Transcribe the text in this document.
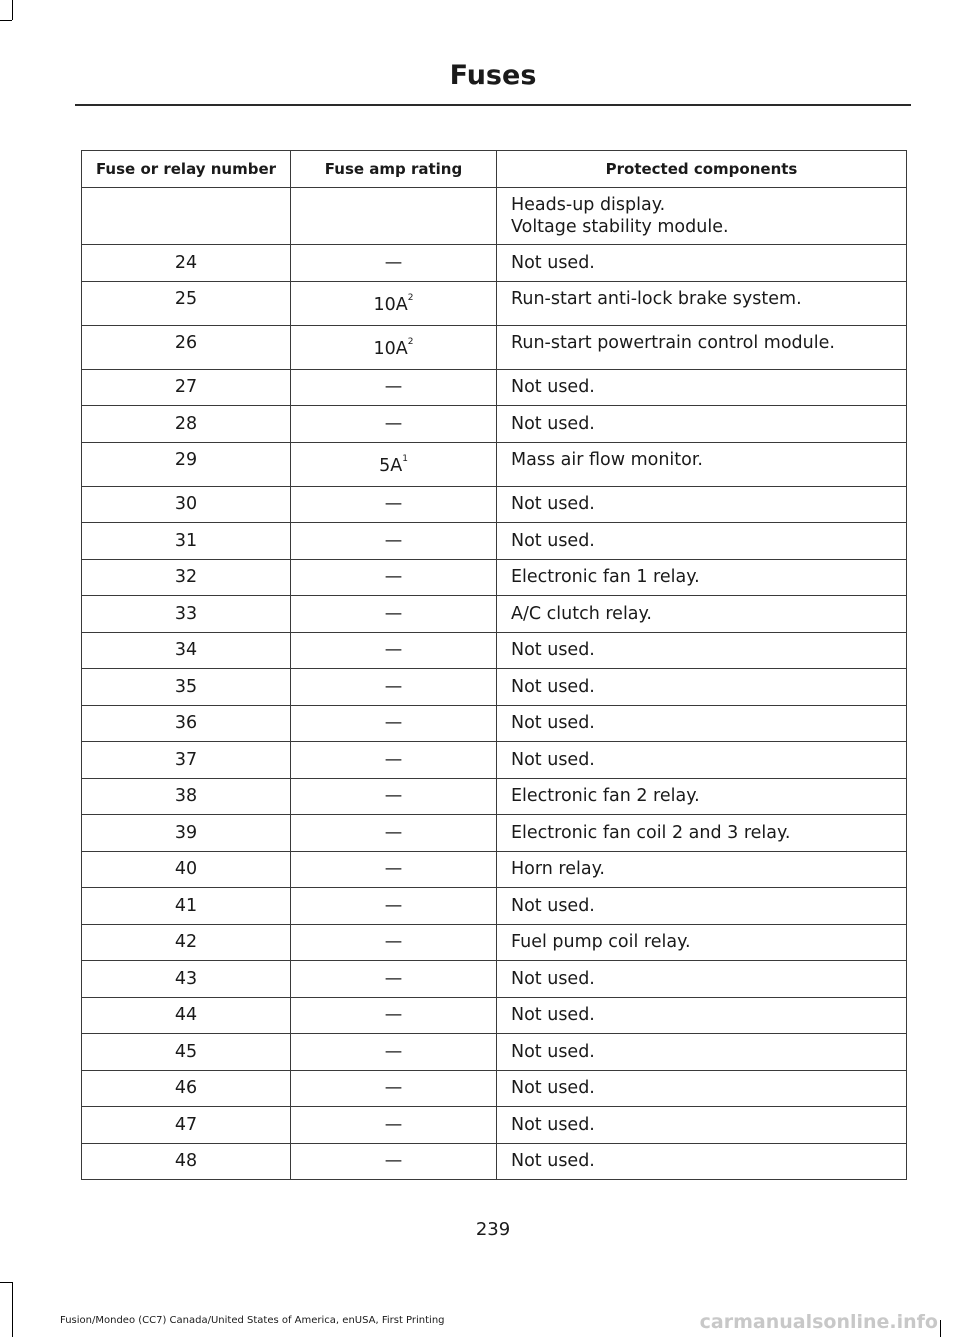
Fuses
Fuse or relay number	Fuse amp rating	Protected components

		Heads-up display.
Voltage stability module.

24	—	Not used.
25	$10A^2$	Run-start anti-lock brake system.
26	$10A^2$	Run-start powertrain control module.
27	—	Not used.
28	—	Not used.
29	$5A^1$	Mass air flow monitor.
30	—	Not used.
31	—	Not used.
32	—	Electronic fan 1 relay.
33	—	A/C clutch relay.
34	—	Not used.
35	—	Not used.
36	—	Not used.
37	—	Not used.
38	—	Electronic fan 2 relay.
39	—	Electronic fan coil 2 and 3 relay.
40	—	Horn relay.
41	—	Not used.
42	—	Fuel pump coil relay.
43	—	Not used.
44	—	Not used.
45	—	Not used.
46	—	Not used.
47	—	Not used.
48	—	Not used.
239
Fusion/Mondeo (CC7) Canada/United States of America, enUSA, First Printing	carmanualsonline.info
